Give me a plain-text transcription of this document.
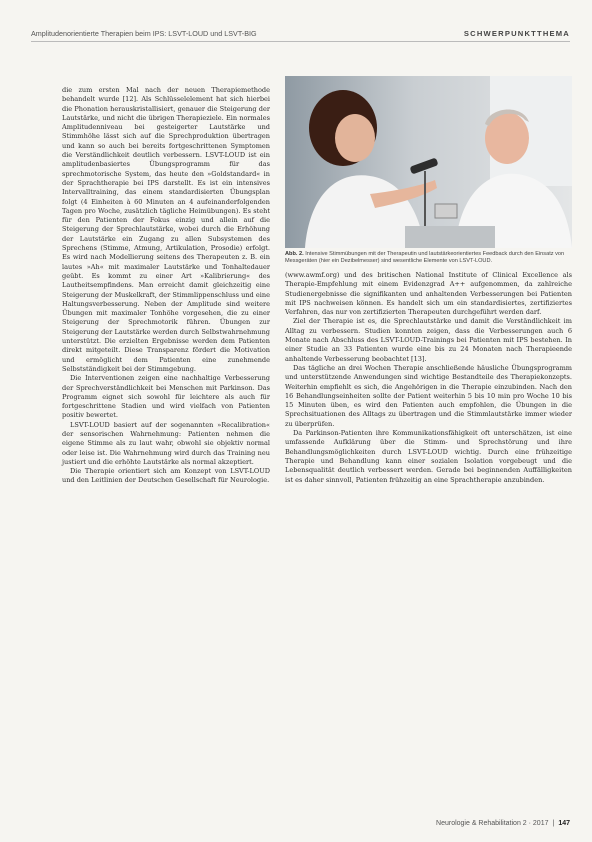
Amplitudenorientierte Therapien beim IPS: LSVT-LOUD und LSVT-BIG	SCHWERPUNKTTHEMA

die zum ersten Mal nach der neuen Therapiemethode behandelt wurde [12]. Als Schlüsselelement hat sich hierbei die Phonation herauskristallisiert, genauer die Steigerung der Lautstärke, und nicht die übrigen Therapieziele. Ein normales Amplitudenniveau bei gesteigerter Lautstärke und Stimmhöhe lässt sich auf die Sprechproduktion übertragen und kann so auch bei bereits fortgeschrittenen Symptomen die Verständlichkeit deutlich verbessern. LSVT-LOUD ist ein amplitudenbasiertes Übungsprogramm für das sprechmotorische System, das heute den »Goldstandard« in der Sprachtherapie bei IPS darstellt. Es ist ein intensives Intervalltraining, das einem standardisierten Übungsplan folgt (4 Einheiten à 60 Minuten an 4 aufeinanderfolgenden Tagen pro Woche, zusätzlich tägliche Heimübungen). Es steht für den Patienten der Fokus einzig und allein auf die Steigerung der Sprechlautstärke, wobei durch die Erhöhung der Lautstärke ein Zugang zu allen Subsystemen des Sprechens (Stimme, Atmung, Artikulation, Prosodie) erfolgt. Es wird nach Modellierung seitens des Therapeuten z. B. ein lautes »Ah« mit maximaler Lautstärke und Tonhaltedauer geübt. Es kommt zu einer Art »Kalibrierung« des Lautheitsempfindens. Man erreicht damit gleichzeitig eine Steigerung der Muskelkraft, der Stimmlippenschluss und eine Haltungsverbesserung. Neben der Amplitude sind weitere Übungen mit maximaler Tonhöhe vorgesehen, die zu einer Steigerung der Sprechmotorik führen. Übungen zur Steigerung der Lautstärke werden durch Selbstwahrnehmung unterstützt. Die erzielten Ergebnisse werden dem Patienten direkt mitgeteilt. Diese Transparenz fördert die Motivation und ermöglicht dem Patienten eine zunehmende Selbstständigkeit bei der Stimmgebung.

Die Interventionen zeigen eine nachhaltige Verbesserung der Sprechverständlichkeit bei Menschen mit Parkinson. Das Programm eignet sich sowohl für leichtere als auch für fortgeschrittene Stadien und wird vielfach von Patienten positiv bewertet.

LSVT-LOUD basiert auf der sogenannten »Recalibration« der sensorischen Wahrnehmung: Patienten nehmen die eigene Stimme als zu laut wahr, obwohl sie objektiv normal oder leise ist. Die Wahrnehmung wird durch das Training neu justiert und die erhöhte Lautstärke als normal akzeptiert.

Die Therapie orientiert sich am Konzept von LSVT-LOUD und den Leitlinien der Deutschen Gesellschaft für Neurologie.

Abb. 2. Intensive Stimmübungen mit der Therapeutin und lautstärkeorientiertes Feedback durch den Einsatz von Messgeräten (hier ein Dezibelmesser) sind wesentliche Elemente von LSVT-LOUD.

(www.awmf.org) und des britischen National Institute of Clinical Excellence als Therapie-Empfehlung mit einem Evidenzgrad A++ aufgenommen, da zahlreiche Studienergebnisse die signifikanten und anhaltenden Verbesserungen bei Patienten mit IPS nachweisen können. Es handelt sich um ein standardisiertes, zertifiziertes Verfahren, das nur von zertifizierten Therapeuten durchgeführt werden darf.

Ziel der Therapie ist es, die Sprechlautstärke und damit die Verständlichkeit im Alltag zu verbessern. Studien konnten zeigen, dass die Verbesserungen auch 6 Monate nach Abschluss des LSVT-LOUD-Trainings bei Patienten mit IPS bestehen. In einer Studie an 33 Patienten wurde eine bis zu 24 Monaten nach Therapieende anhaltende Verbesserung beobachtet [13].

Das tägliche an drei Wochen Therapie anschließende häusliche Übungsprogramm und unterstützende Anwendungen sind wichtige Bestandteile des Therapiekonzepts. Weiterhin empfiehlt es sich, die Angehörigen in die Therapie einzubinden. Nach den 16 Behandlungseinheiten sollte der Patient weiterhin 5 bis 10 min pro Woche 10 bis 15 Minuten üben, es wird den Patienten auch empfohlen, die Übungen in die Sprechsituationen des Alltags zu übertragen und die Stimmlautstärke immer wieder zu überprüfen.

Da Parkinson-Patienten ihre Kommunikationsfähigkeit oft unterschätzen, ist eine umfassende Aufklärung über die Stimm- und Sprechstörung und ihre Behandlungsmöglichkeiten durch LSVT-LOUD wichtig. Durch eine frühzeitige Therapie und Behandlung kann einer sozialen Isolation vorgebeugt und die Lebensqualität deutlich verbessert werden. Gerade bei beginnenden Auffälligkeiten ist es daher sinnvoll, Patienten frühzeitig an eine Sprachtherapie anzubinden.

Neurologie & Rehabilitation 2 · 2017 | 147
